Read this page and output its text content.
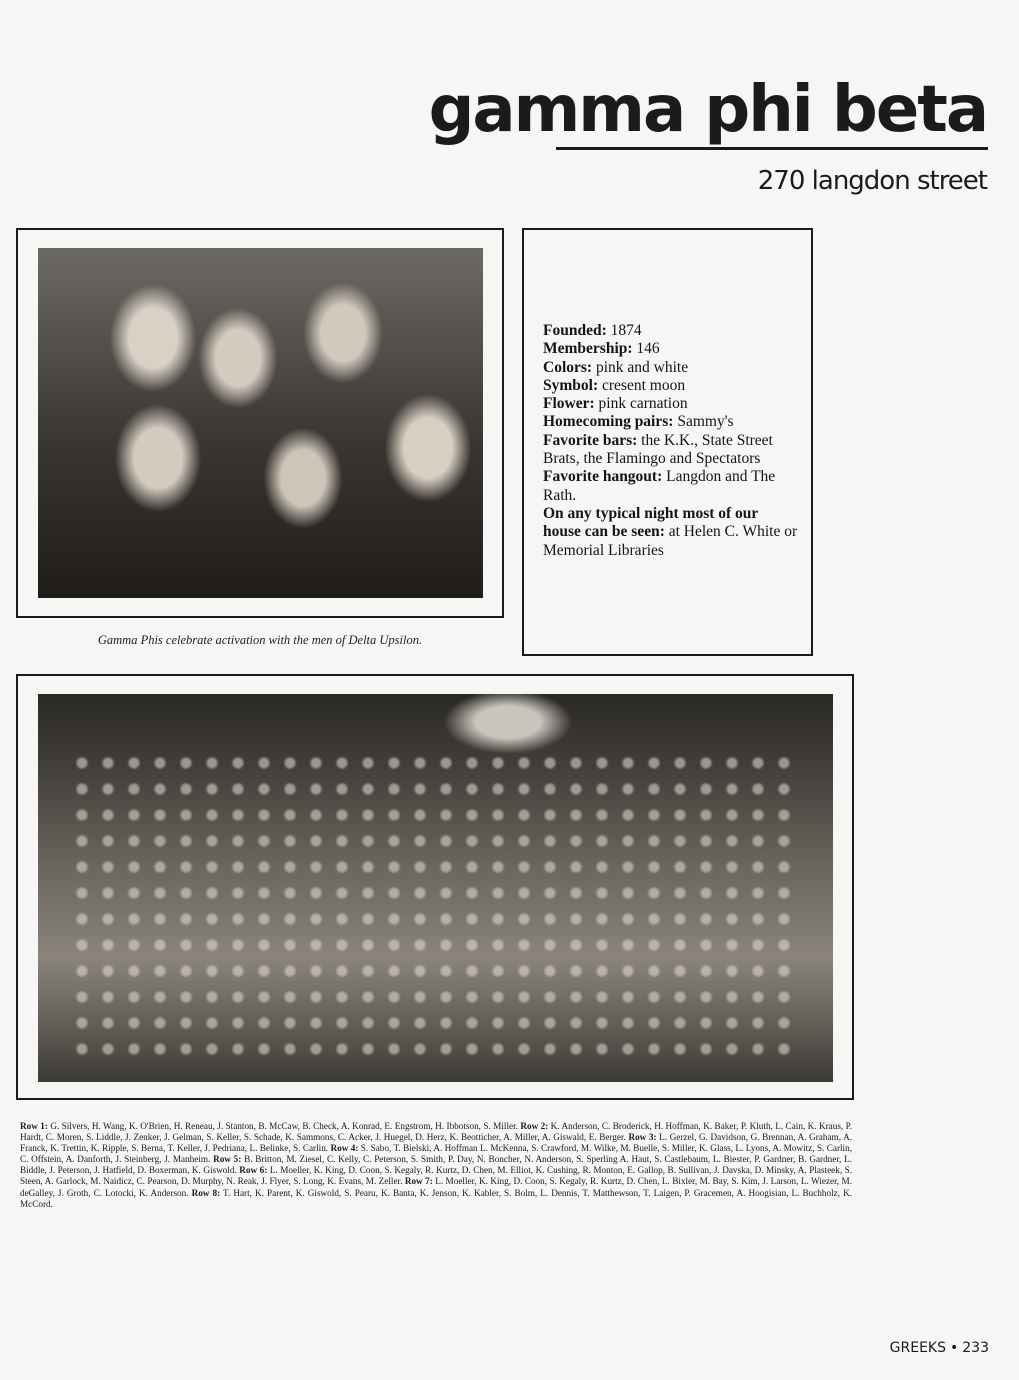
gamma phi beta
270 langdon street
Gamma Phis celebrate activation with the men of Delta Upsilon.
Founded: 1874
Membership: 146
Colors: pink and white
Symbol: cresent moon
Flower: pink carnation
Homecoming pairs: Sammy's
Favorite bars: the K.K., State Street Brats, the Flamingo and Spectators
Favorite hangout: Langdon and The Rath.
On any typical night most of our house can be seen: at Helen C. White or Memorial Libraries
Row 1: G. Silvers, H. Wang, K. O'Brien, H. Reneau, J. Stanton, B. McCaw, B. Check, A. Konrad, E. Engstrom, H. Ibbotson, S. Miller. Row 2: K. Anderson, C. Broderick, H. Hoffman, K. Baker, P. Kluth, L. Cain, K. Kraus, P. Hardt, C. Moren, S. Liddle, J. Zenker, J. Gelman, S. Keller, S. Schade, K. Sammons, C. Acker, J. Huegel, D. Herz, K. Beotticher, A. Miller, A. Giswald, E. Berger. Row 3: L. Gerzel, G. Davidson, G. Brennan, A. Graham, A. Franck, K. Trettin, K. Ripple, S. Berna, T. Keller, J. Pedriana, L. Belinke, S. Carlin. Row 4: S. Sabo, T. Bielski, A. Hoffman L. McKenna, S. Crawford, M. Wilke, M. Buelle, S. Miller, K. Glass, L. Lyons, A. Mowitz, S. Carlin, C. Offstein, A. Danforth, J. Steinberg, J. Manheim. Row 5: B. Britton, M. Ziesel, C. Kelly, C. Peterson, S. Smith, P. Day, N. Boncher, N. Anderson, S. Sperling A. Haut, S. Castlebaum, L. Biester, P. Gardner, B. Gardner, L. Biddle, J. Peterson, J. Hatfield, D. Boxerman, K. Giswold. Row 6: L. Moeller, K. King, D. Coon, S. Kegaly, R. Kurtz, D. Chen, M. Elliot, K. Cushing, R. Monton, E. Gallop, B. Sullivan, J. Davska, D. Minsky, A. Plasteek, S. Steen, A. Garlock, M. Naidicz, C. Pearson, D. Murphy, N. Reak, J. Flyer, S. Long, K. Evans, M. Zeller. Row 7: L. Moeller, K. King, D. Coon, S. Kegaly, R. Kurtz, D. Chen, L. Bixler, M. Bay, S. Kim, J. Larson, L. Wiezer, M. deGalley, J. Groth, C. Lotocki, K. Anderson. Row 8: T. Hart, K. Parent, K. Giswold, S. Pearu, K. Banta, K. Jenson, K. Kabler, S. Bolm, L. Dennis, T. Matthewson, T. Laigen, P. Gracemen, A. Hoogisian, L. Buchholz, K. McCord.
GREEKS • 233
